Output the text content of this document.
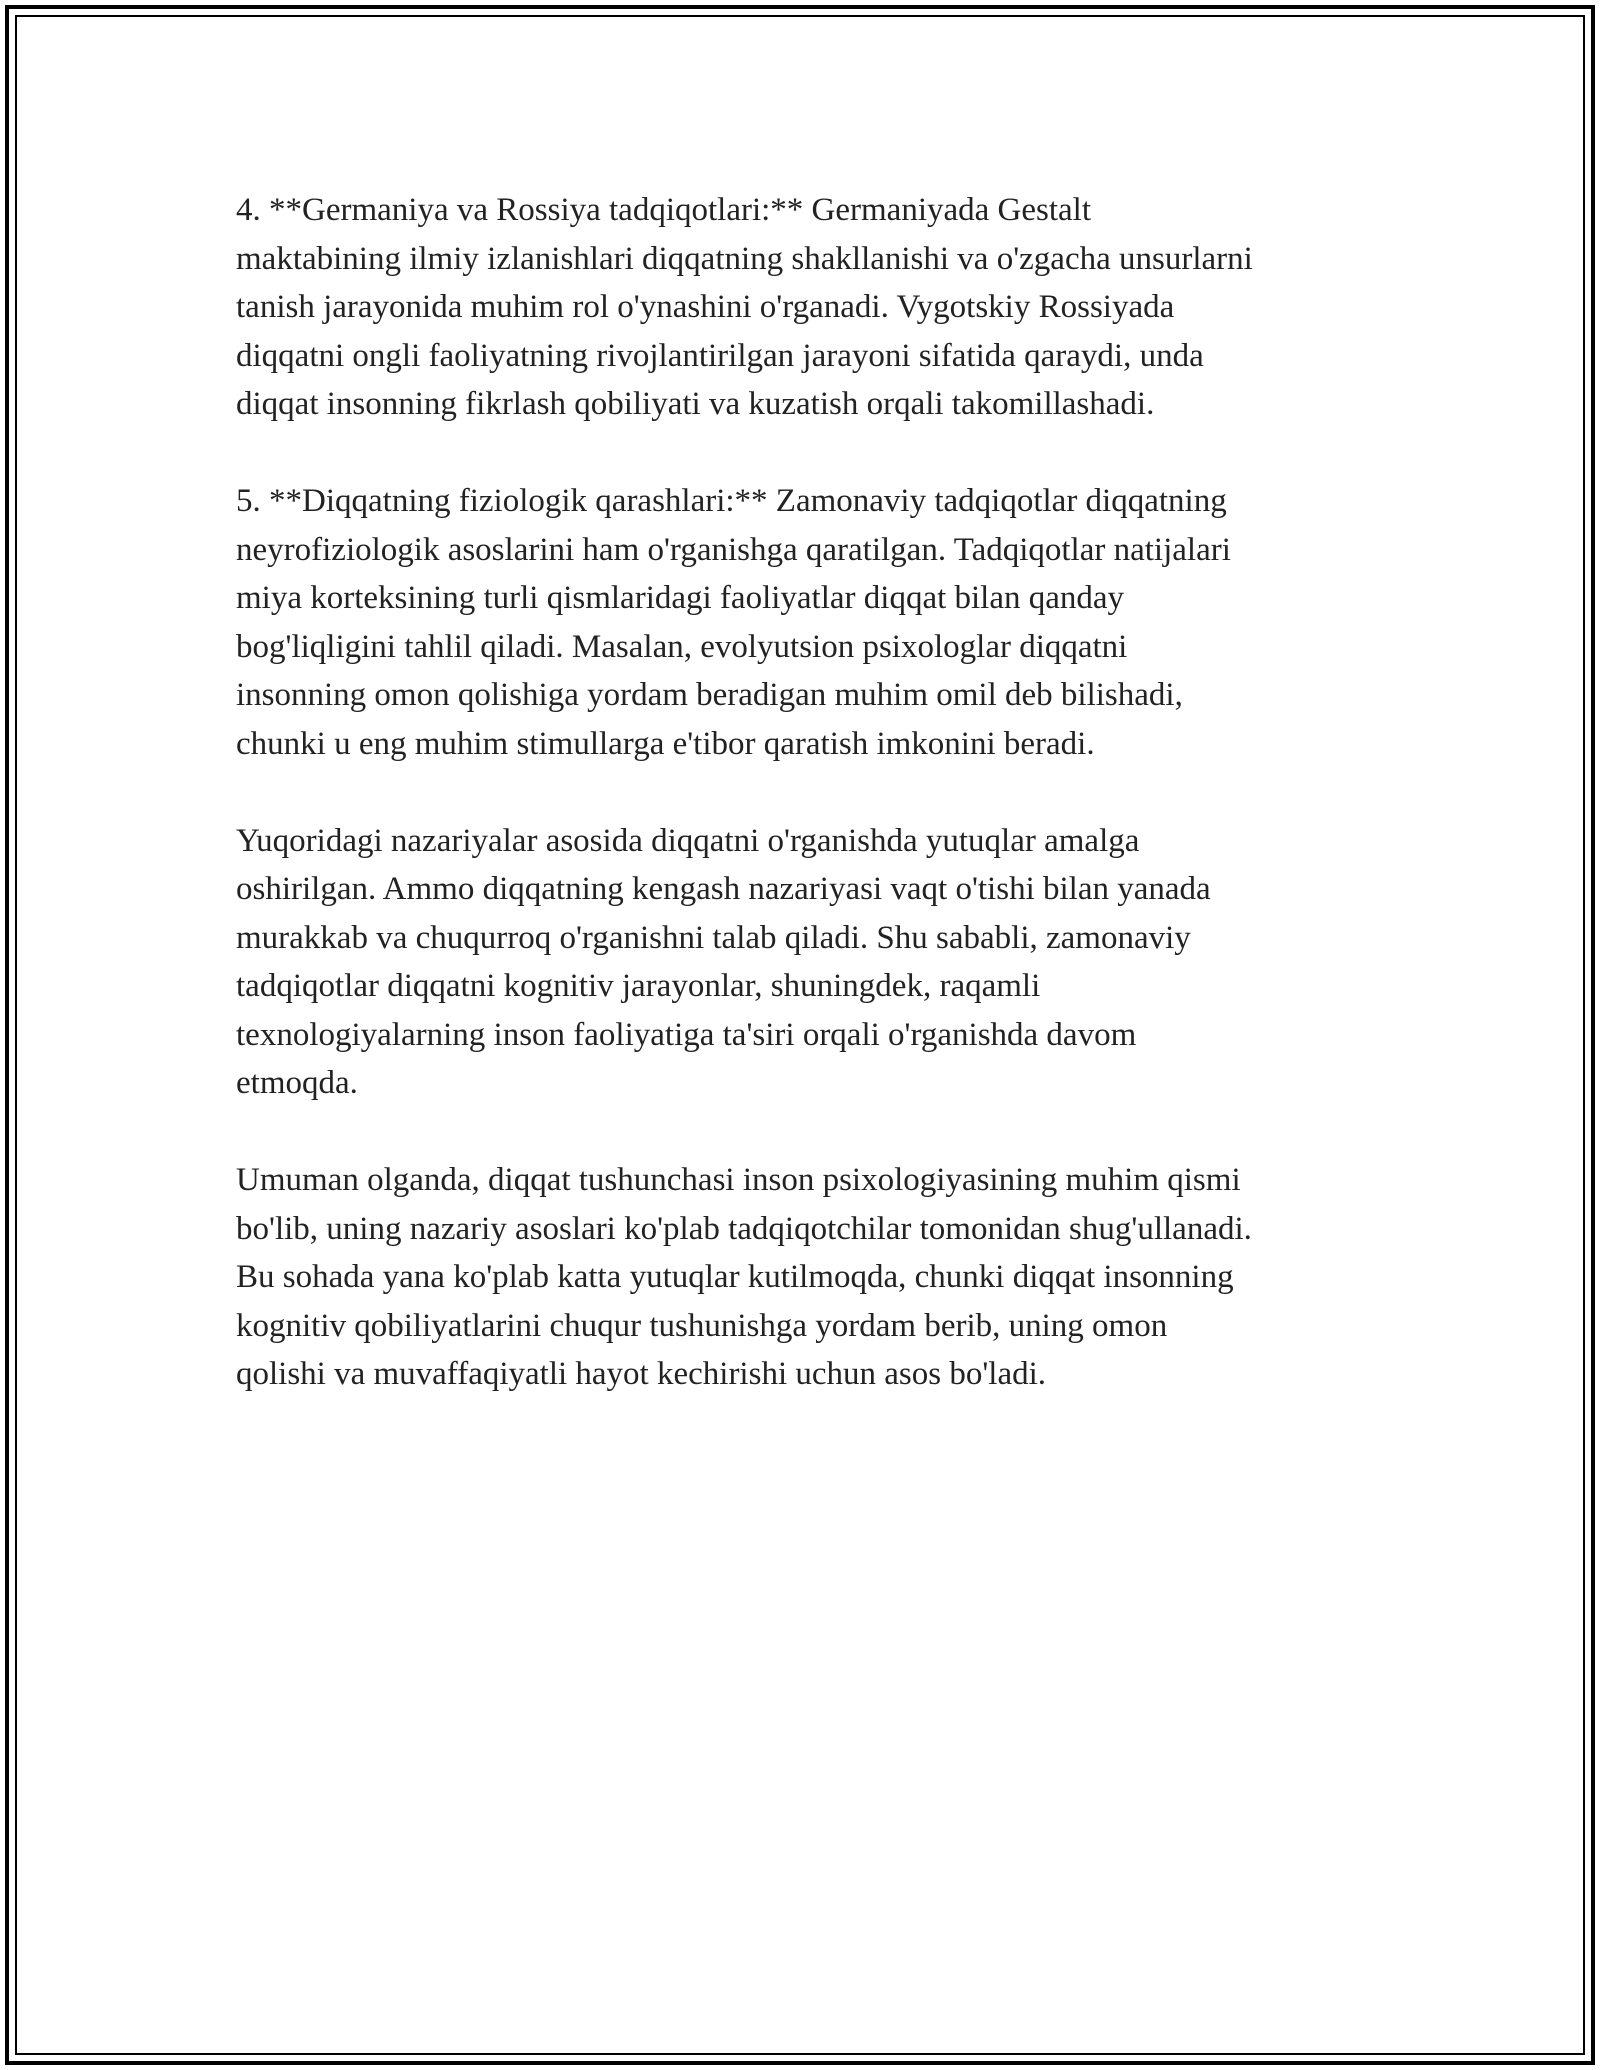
4. **Germaniya va Rossiya tadqiqotlari:** Germaniyada Gestalt
maktabining ilmiy izlanishlari diqqatning shakllanishi va o'zgacha unsurlarni
tanish jarayonida muhim rol o'ynashini o'rganadi. Vygotskiy Rossiyada
diqqatni ongli faoliyatning rivojlantirilgan jarayoni sifatida qaraydi, unda
diqqat insonning fikrlash qobiliyati va kuzatish orqali takomillashadi.

5. **Diqqatning fiziologik qarashlari:** Zamonaviy tadqiqotlar diqqatning
neyrofiziologik asoslarini ham o'rganishga qaratilgan. Tadqiqotlar natijalari
miya korteksining turli qismlaridagi faoliyatlar diqqat bilan qanday
bog'liqligini tahlil qiladi. Masalan, evolyutsion psixologlar diqqatni
insonning omon qolishiga yordam beradigan muhim omil deb bilishadi,
chunki u eng muhim stimullarga e'tibor qaratish imkonini beradi.

Yuqoridagi nazariyalar asosida diqqatni o'rganishda yutuqlar amalga
oshirilgan. Ammo diqqatning kengash nazariyasi vaqt o'tishi bilan yanada
murakkab va chuqurroq o'rganishni talab qiladi. Shu sababli, zamonaviy
tadqiqotlar diqqatni kognitiv jarayonlar, shuningdek, raqamli
texnologiyalarning inson faoliyatiga ta'siri orqali o'rganishda davom
etmoqda.

Umuman olganda, diqqat tushunchasi inson psixologiyasining muhim qismi
bo'lib, uning nazariy asoslari ko'plab tadqiqotchilar tomonidan shug'ullanadi.
Bu sohada yana ko'plab katta yutuqlar kutilmoqda, chunki diqqat insonning
kognitiv qobiliyatlarini chuqur tushunishga yordam berib, uning omon
qolishi va muvaffaqiyatli hayot kechirishi uchun asos bo'ladi.
